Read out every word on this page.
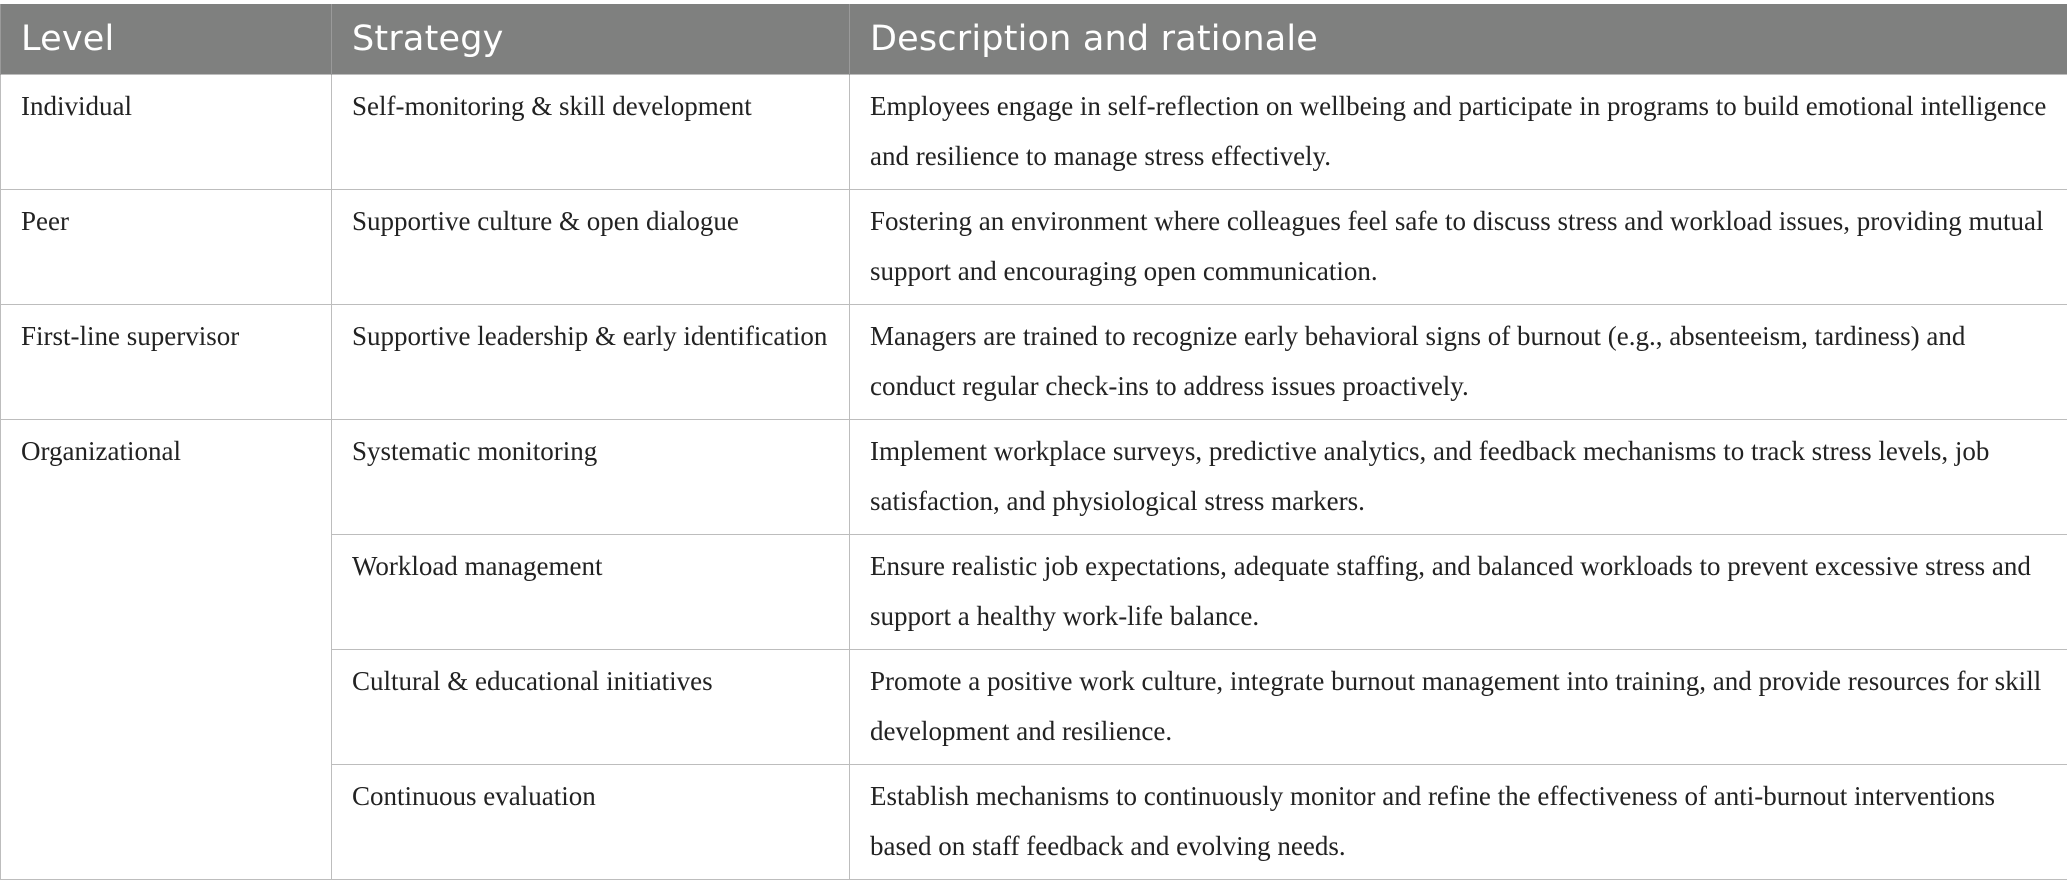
Level	Strategy	Description and rationale
Individual	Self-monitoring & skill development	Employees engage in self-reflection on wellbeing and participate in programs to build emotional intelligence and resilience to manage stress effectively.
Peer	Supportive culture & open dialogue	Fostering an environment where colleagues feel safe to discuss stress and workload issues, providing mutual support and encouraging open communication.
First-line supervisor	Supportive leadership & early identification	Managers are trained to recognize early behavioral signs of burnout (e.g., absenteeism, tardiness) and conduct regular check-ins to address issues proactively.
Organizational	Systematic monitoring	Implement workplace surveys, predictive analytics, and feedback mechanisms to track stress levels, job satisfaction, and physiological stress markers.
	Workload management	Ensure realistic job expectations, adequate staffing, and balanced workloads to prevent excessive stress and support a healthy work-life balance.
	Cultural & educational initiatives	Promote a positive work culture, integrate burnout management into training, and provide resources for skill development and resilience.
	Continuous evaluation	Establish mechanisms to continuously monitor and refine the effectiveness of anti-burnout interventions based on staff feedback and evolving needs.
